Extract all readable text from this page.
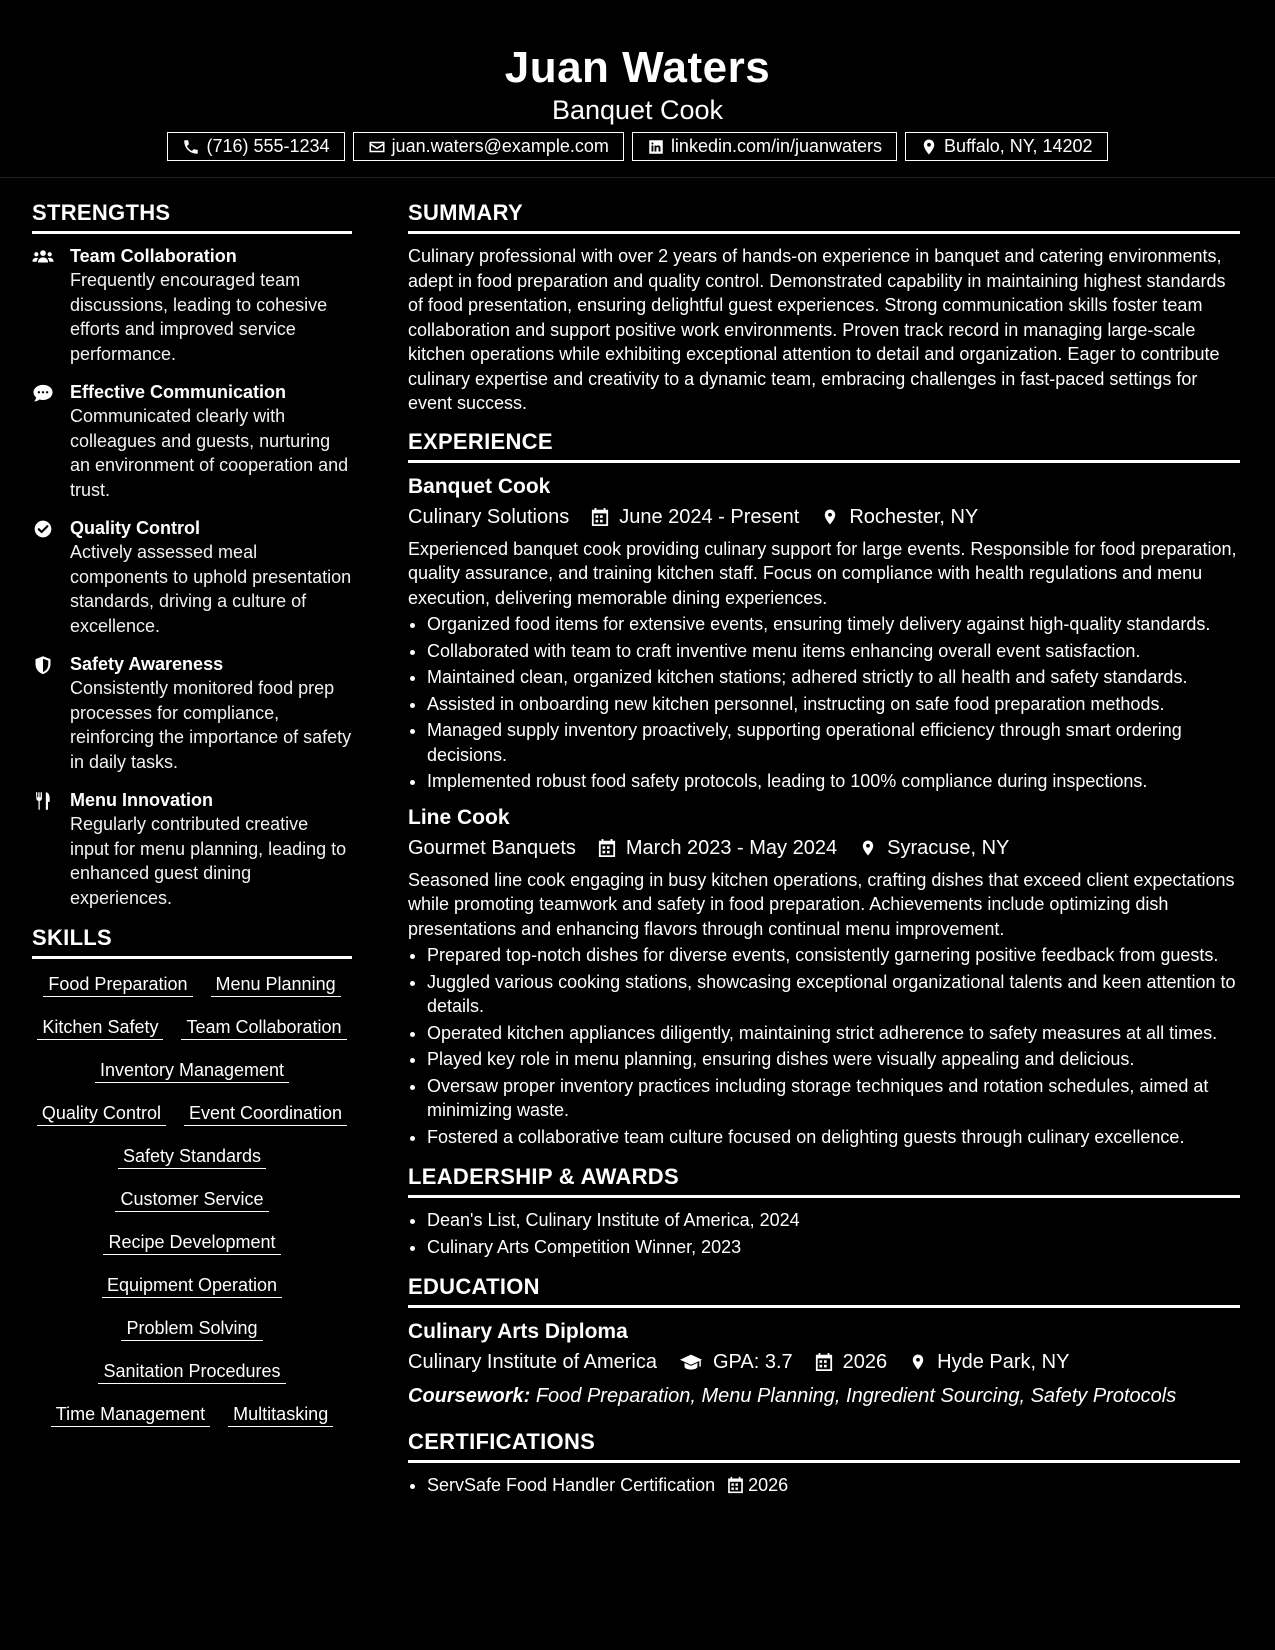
Juan Waters
Banquet Cook
(716) 555-1234	juan.waters@example.com	linkedin.com/in/juanwaters	Buffalo, NY, 14202
STRENGTHS
Team Collaboration
Frequently encouraged team discussions, leading to cohesive efforts and improved service performance.
Effective Communication
Communicated clearly with colleagues and guests, nurturing an environment of cooperation and trust.
Quality Control
Actively assessed meal components to uphold presentation standards, driving a culture of excellence.
Safety Awareness
Consistently monitored food prep processes for compliance, reinforcing the importance of safety in daily tasks.
Menu Innovation
Regularly contributed creative input for menu planning, leading to enhanced guest dining experiences.
SKILLS
Food Preparation Menu Planning
Kitchen Safety Team Collaboration
Inventory Management
Quality Control Event Coordination
Safety Standards
Customer Service
Recipe Development
Equipment Operation
Problem Solving
Sanitation Procedures
Time Management Multitasking
SUMMARY

Culinary professional with over 2 years of hands-on experience in banquet and catering environments, adept in food preparation and quality control. Demonstrated capability in maintaining highest standards of food presentation, ensuring delightful guest experiences. Strong communication skills foster team collaboration and support positive work environments. Proven track record in managing large-scale kitchen operations while exhibiting exceptional attention to detail and organization. Eager to contribute culinary expertise and creativity to a dynamic team, embracing challenges in fast-paced settings for event success.

EXPERIENCE
Banquet Cook
Culinary Solutions	June 2024 - Present	Rochester, NY

Experienced banquet cook providing culinary support for large events. Responsible for food preparation, quality assurance, and training kitchen staff. Focus on compliance with health regulations and menu execution, delivering memorable dining experiences.

• Organized food items for extensive events, ensuring timely delivery against high-quality standards.
• Collaborated with team to craft inventive menu items enhancing overall event satisfaction.
• Maintained clean, organized kitchen stations; adhered strictly to all health and safety standards.
• Assisted in onboarding new kitchen personnel, instructing on safe food preparation methods.
• Managed supply inventory proactively, supporting operational efficiency through smart ordering decisions.
• Implemented robust food safety protocols, leading to 100% compliance during inspections.
Line Cook
Gourmet Banquets	March 2023 - May 2024	Syracuse, NY

Seasoned line cook engaging in busy kitchen operations, crafting dishes that exceed client expectations while promoting teamwork and safety in food preparation. Achievements include optimizing dish presentations and enhancing flavors through continual menu improvement.

• Prepared top-notch dishes for diverse events, consistently garnering positive feedback from guests.
• Juggled various cooking stations, showcasing exceptional organizational talents and keen attention to details.
• Operated kitchen appliances diligently, maintaining strict adherence to safety measures at all times.
• Played key role in menu planning, ensuring dishes were visually appealing and delicious.
• Oversaw proper inventory practices including storage techniques and rotation schedules, aimed at minimizing waste.
• Fostered a collaborative team culture focused on delighting guests through culinary excellence.
LEADERSHIP & AWARDS
• Dean's List, Culinary Institute of America, 2024
• Culinary Arts Competition Winner, 2023
EDUCATION
Culinary Arts Diploma
Culinary Institute of America	GPA: 3.7	2026	Hyde Park, NY
Coursework: Food Preparation, Menu Planning, Ingredient Sourcing, Safety Protocols
CERTIFICATIONS
• ServSafe Food Handler Certification 2026
